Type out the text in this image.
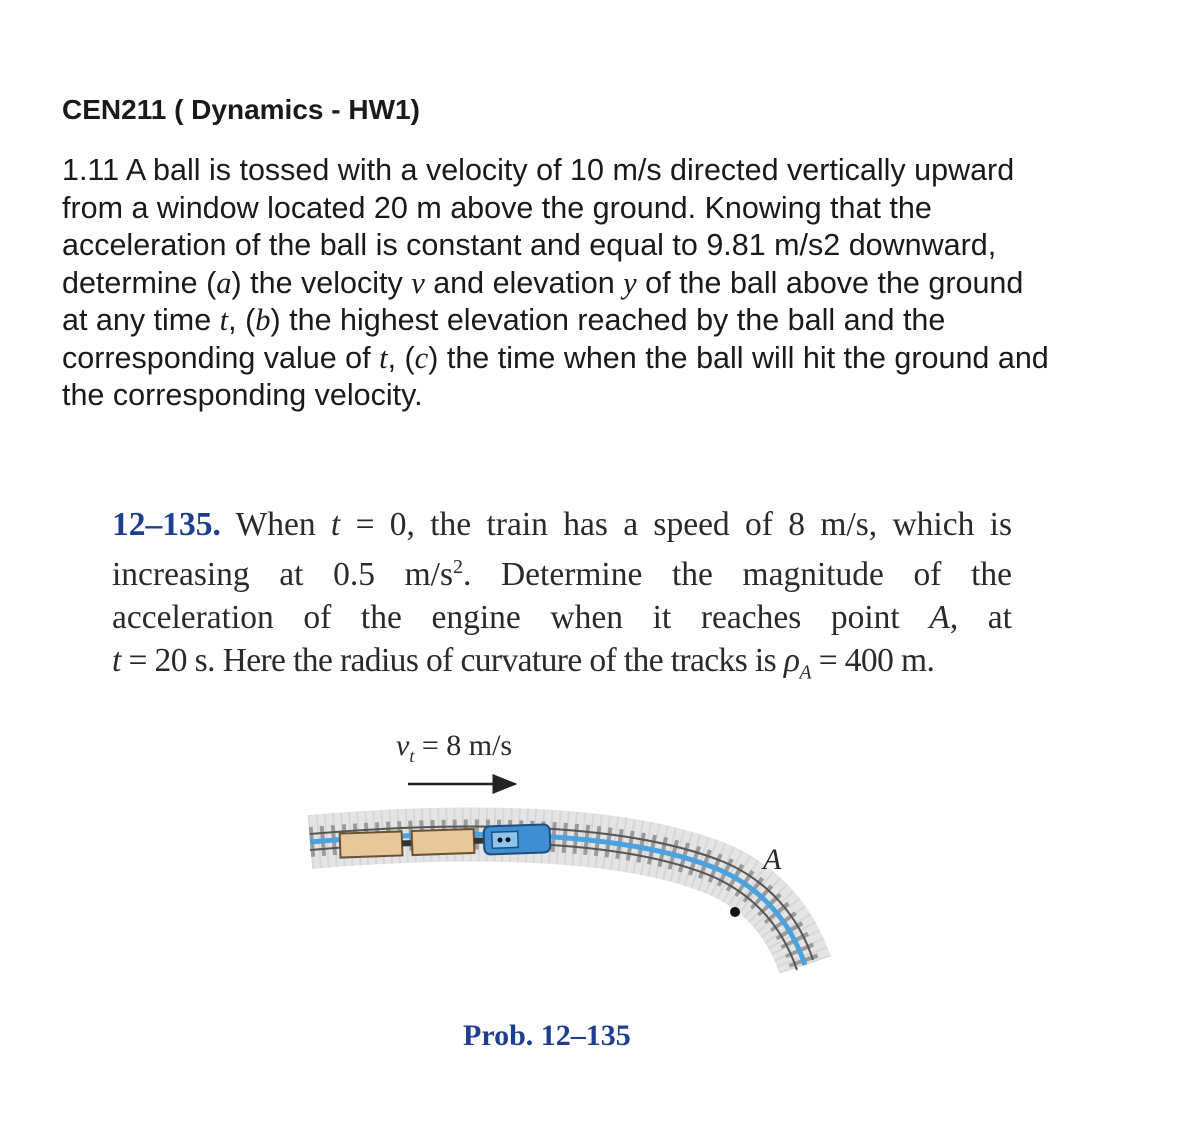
CEN211 ( Dynamics - HW1)
1.11 A ball is tossed with a velocity of 10 m/s directed vertically upward
from a window located 20 m above the ground. Knowing that the
acceleration of the ball is constant and equal to 9.81 m/s2 downward,
determine (a) the velocity v and elevation y of the ball above the ground
at any time t, (b) the highest elevation reached by the ball and the
corresponding value of t, (c) the time when the ball will hit the ground and
the corresponding velocity.
12–135. When t = 0, the train has a speed of 8 m/s, which is
increasing at 0.5 $m/s^2$. Determine the magnitude of the
acceleration of the engine when it reaches point A, at
t = 20 s. Here the radius of curvature of the tracks is $\rho_A = 400$ m.
$v_t = 8$ m/s
A
Prob. 12–135
